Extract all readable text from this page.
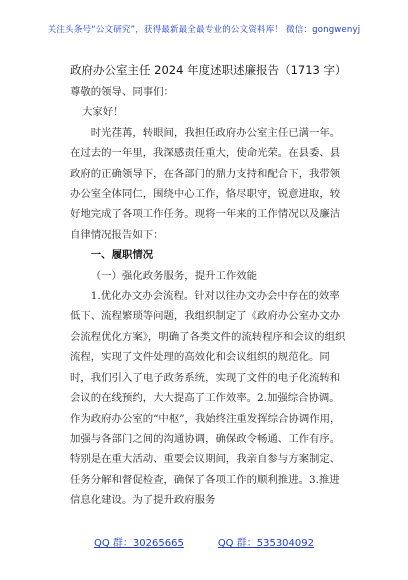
关注头条号“公文研究”，获得最新最全最专业的公文资料库！ 微信：gongwenyj
政府办公室主任 2024 年度述职述廉报告（1713 字）

尊敬的领导、同事们：

大家好！

时光荏苒，转眼间，我担任政府办公室主任已满一年。在过去的一年里，我深感责任重大，使命光荣。在县委、县政府的正确领导下，在各部门的鼎力支持和配合下，我带领办公室全体同仁，围绕中心工作，恪尽职守，锐意进取，较好地完成了各项工作任务。现将一年来的工作情况以及廉洁自律情况报告如下：

一、履职情况

（一）强化政务服务，提升工作效能

1.优化办文办会流程。针对以往办文办会中存在的效率低下、流程繁琐等问题，我组织制定了《政府办公室办文办会流程优化方案》，明确了各类文件的流转程序和会议的组织流程，实现了文件处理的高效化和会议组织的规范化。同时，我们引入了电子政务系统，实现了文件的电子化流转和会议的在线预约，大大提高了工作效率。2.加强综合协调。作为政府办公室的“中枢”，我始终注重发挥综合协调作用，加强与各部门之间的沟通协调，确保政令畅通、工作有序。特别是在重大活动、重要会议期间，我亲自参与方案制定、任务分解和督促检查，确保了各项工作的顺利推进。3.推进信息化建设。为了提升政府服务

QQ 群：30265665	QQ 群：535304092
